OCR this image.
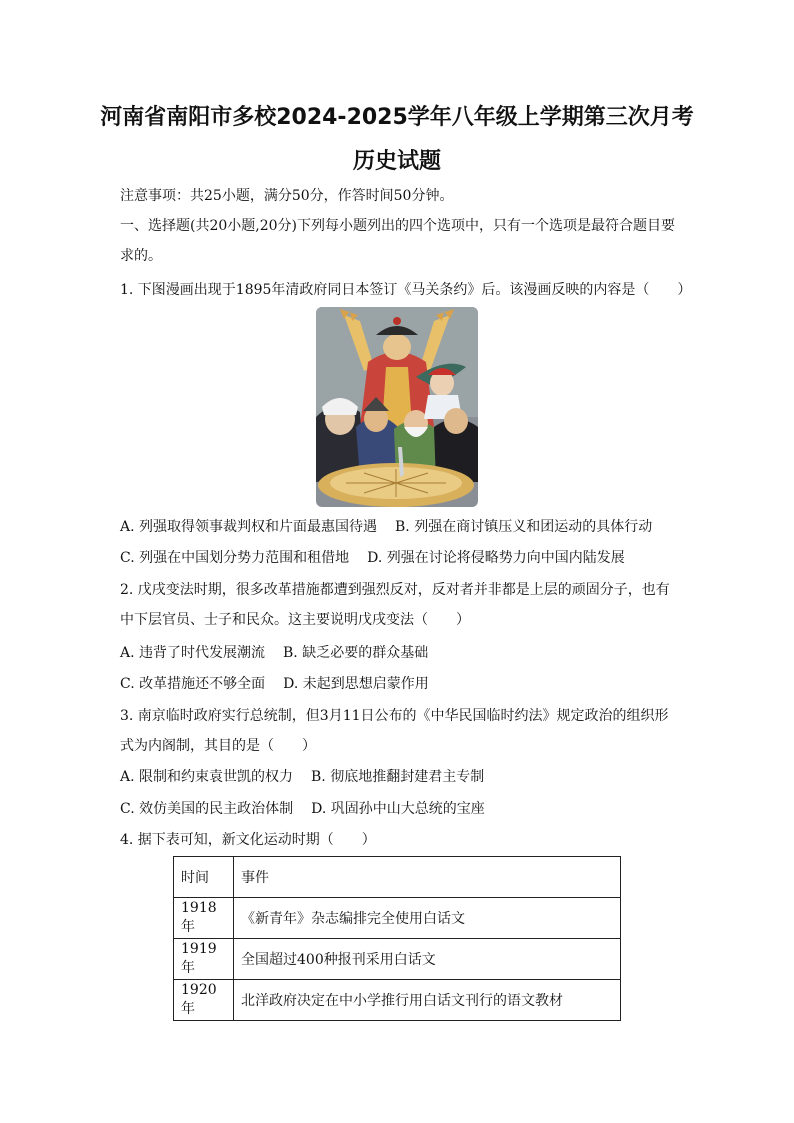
河南省南阳市多校2024-2025学年八年级上学期第三次月考
历史试题
注意事项：共25小题，满分50分，作答时间50分钟。
一、选择题(共20小题,20分)下列每小题列出的四个选项中，只有一个选项是最符合题目要
求的。
1. 下图漫画出现于1895年清政府同日本签订《马关条约》后。该漫画反映的内容是（　　）
A. 列强取得领事裁判权和片面最惠国待遇 B. 列强在商讨镇压义和团运动的具体行动
C. 列强在中国划分势力范围和租借地 D. 列强在讨论将侵略势力向中国内陆发展
2. 戊戌变法时期，很多改革措施都遭到强烈反对，反对者并非都是上层的顽固分子，也有
中下层官员、士子和民众。这主要说明戊戌变法（　　）
A. 违背了时代发展潮流 B. 缺乏必要的群众基础
C. 改革措施还不够全面 D. 未起到思想启蒙作用
3. 南京临时政府实行总统制，但3月11日公布的《中华民国临时约法》规定政治的组织形
式为内阁制，其目的是（　　）
A. 限制和约束袁世凯的权力 B. 彻底地推翻封建君主专制
C. 效仿美国的民主政治体制 D. 巩固孙中山大总统的宝座
4. 据下表可知，新文化运动时期（　　）
时间	事件
1918年	《新青年》杂志编排完全使用白话文
1919年	全国超过400种报刊采用白话文
1920年	北洋政府决定在中小学推行用白话文刊行的语文教材
